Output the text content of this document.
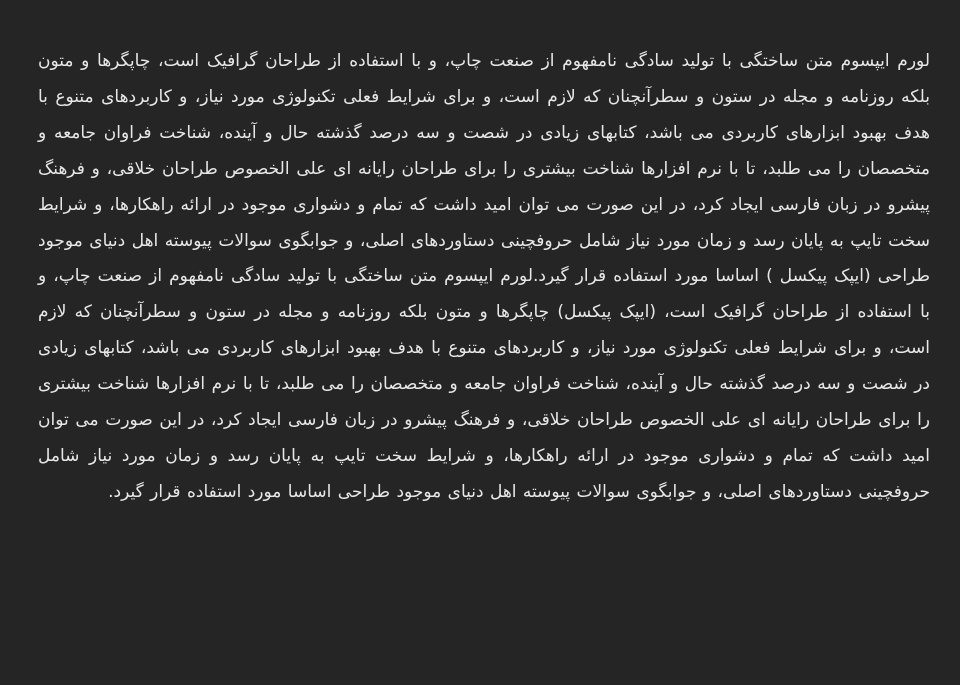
لورم ایپسوم متن ساختگی با تولید سادگی نامفهوم از صنعت چاپ، و با استفاده از طراحان گرافیک است، چاپگرها و متون بلکه روزنامه و مجله در ستون و سطرآنچنان که لازم است، و برای شرایط فعلی تکنولوژی مورد نیاز، و کاربردهای متنوع با هدف بهبود ابزارهای کاربردی می باشد، کتابهای زیادی در شصت و سه درصد گذشته حال و آینده، شناخت فراوان جامعه و متخصصان را می طلبد، تا با نرم افزارها شناخت بیشتری را برای طراحان رایانه ای علی الخصوص طراحان خلاقی، و فرهنگ پیشرو در زبان فارسی ایجاد کرد، در این صورت می توان امید داشت که تمام و دشواری موجود در ارائه راهکارها، و شرایط سخت تایپ به پایان رسد و زمان مورد نیاز شامل حروفچینی دستاوردهای اصلی، و جوابگوی سوالات پیوسته اهل دنیای موجود طراحی (ایپک پیکسل ) اساسا مورد استفاده قرار گیرد.لورم ایپسوم متن ساختگی با تولید سادگی نامفهوم از صنعت چاپ، و با استفاده از طراحان گرافیک است، (ایپک پیکسل) چاپگرها و متون بلکه روزنامه و مجله در ستون و سطرآنچنان که لازم است، و برای شرایط فعلی تکنولوژی مورد نیاز، و کاربردهای متنوع با هدف بهبود ابزارهای کاربردی می باشد، کتابهای زیادی در شصت و سه درصد گذشته حال و آینده، شناخت فراوان جامعه و متخصصان را می طلبد، تا با نرم افزارها شناخت بیشتری را برای طراحان رایانه ای علی الخصوص طراحان خلاقی، و فرهنگ پیشرو در زبان فارسی ایجاد کرد، در این صورت می توان امید داشت که تمام و دشواری موجود در ارائه راهکارها، و شرایط سخت تایپ به پایان رسد و زمان مورد نیاز شامل حروفچینی دستاوردهای اصلی، و جوابگوی سوالات پیوسته اهل دنیای موجود طراحی اساسا مورد استفاده قرار گیرد.
